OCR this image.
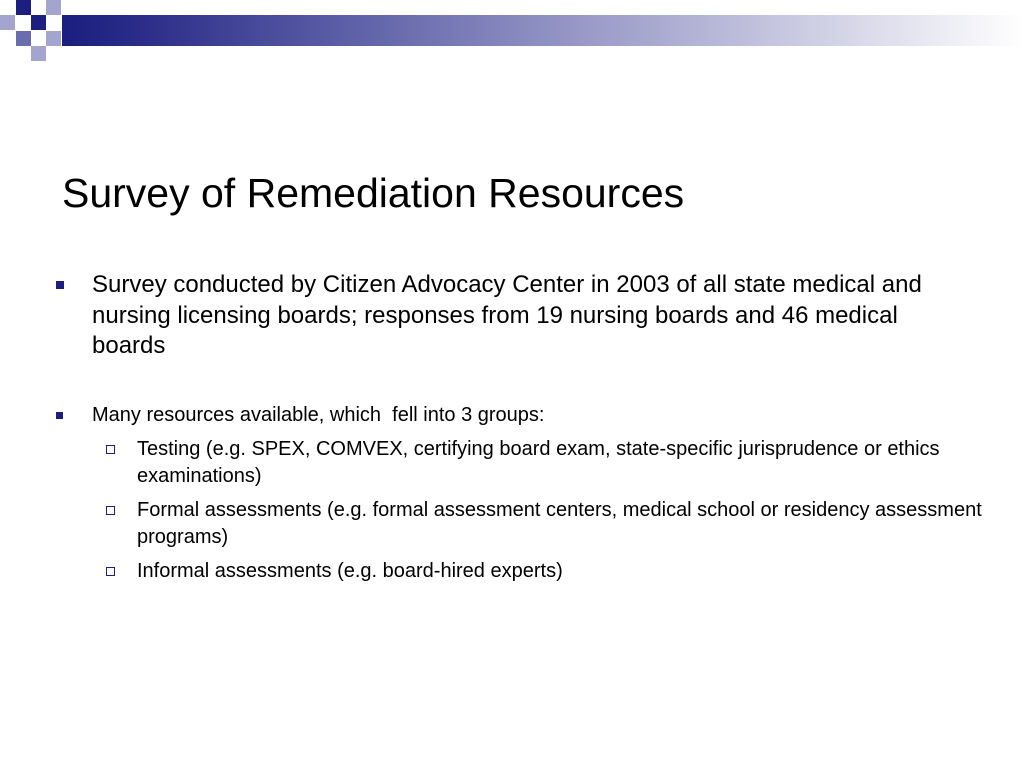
Survey of Remediation Resources

Survey conducted by Citizen Advocacy Center in 2003 of all state medical and nursing licensing boards; responses from 19 nursing boards and 46 medical boards

Many resources available, which  fell into 3 groups:

Testing (e.g. SPEX, COMVEX, certifying board exam, state-specific jurisprudence or ethics examinations)
Formal assessments (e.g. formal assessment centers, medical school or residency assessment programs)
Informal assessments (e.g. board-hired experts)
